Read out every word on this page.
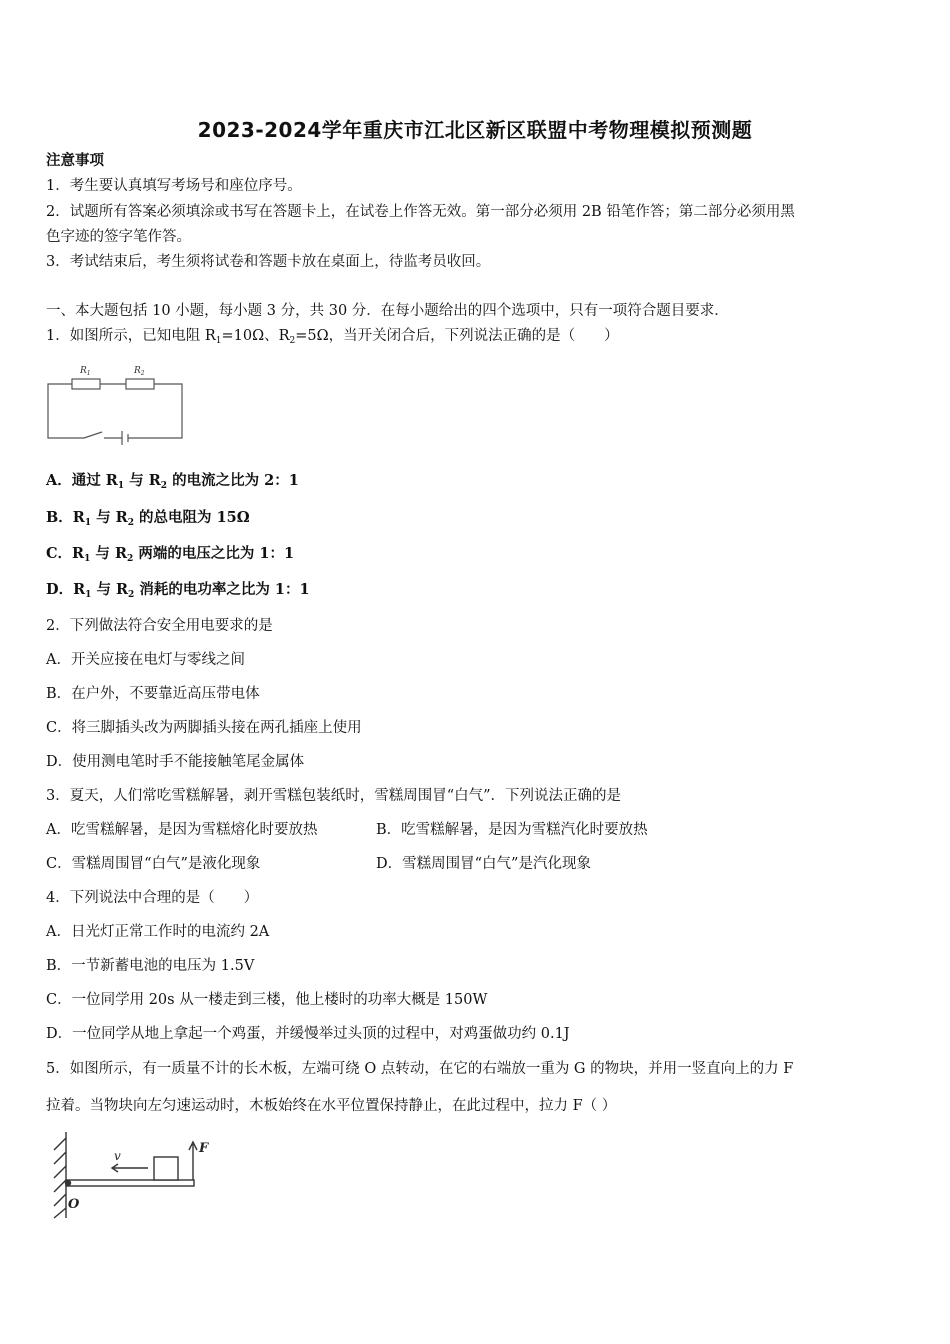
2023-2024学年重庆市江北区新区联盟中考物理模拟预测题
注意事项
1．考生要认真填写考场号和座位序号。
2．试题所有答案必须填涂或书写在答题卡上，在试卷上作答无效。第一部分必须用 2B 铅笔作答；第二部分必须用黑
色字迹的签字笔作答。
3．考试结束后，考生须将试卷和答题卡放在桌面上，待监考员收回。
一、本大题包括 10 小题，每小题 3 分，共 30 分．在每小题给出的四个选项中，只有一项符合题目要求．
1．如图所示，已知电阻 $R_1=10\Omega$、$R_2=5\Omega$，当开关闭合后，下列说法正确的是（　　）
$R_1$	$R_2$
A．通过 $R_1$ 与 $R_2$ 的电流之比为 2：1
B．$R_1$ 与 $R_2$ 的总电阻为 15Ω
C．$R_1$ 与 $R_2$ 两端的电压之比为 1：1
D．$R_1$ 与 $R_2$ 消耗的电功率之比为 1：1
2．下列做法符合安全用电要求的是
A．开关应接在电灯与零线之间
B．在户外，不要靠近高压带电体
C．将三脚插头改为两脚插头接在两孔插座上使用
D．使用测电笔时手不能接触笔尾金属体
3．夏天，人们常吃雪糕解暑，剥开雪糕包装纸时，雪糕周围冒“白气”．下列说法正确的是
A．吃雪糕解暑，是因为雪糕熔化时要放热	B．吃雪糕解暑，是因为雪糕汽化时要放热
C．雪糕周围冒“白气”是液化现象	D．雪糕周围冒“白气”是汽化现象
4．下列说法中合理的是（　　）
A．日光灯正常工作时的电流约 2A
B．一节新蓄电池的电压为 1.5V
C．一位同学用 20s 从一楼走到三楼，他上楼时的功率大概是 150W
D．一位同学从地上拿起一个鸡蛋，并缓慢举过头顶的过程中，对鸡蛋做功约 0.1J
5．如图所示，有一质量不计的长木板，左端可绕 O 点转动，在它的右端放一重为 G 的物块，并用一竖直向上的力 F
拉着。当物块向左匀速运动时，木板始终在水平位置保持静止，在此过程中，拉力 F（ ）
v	F
O
